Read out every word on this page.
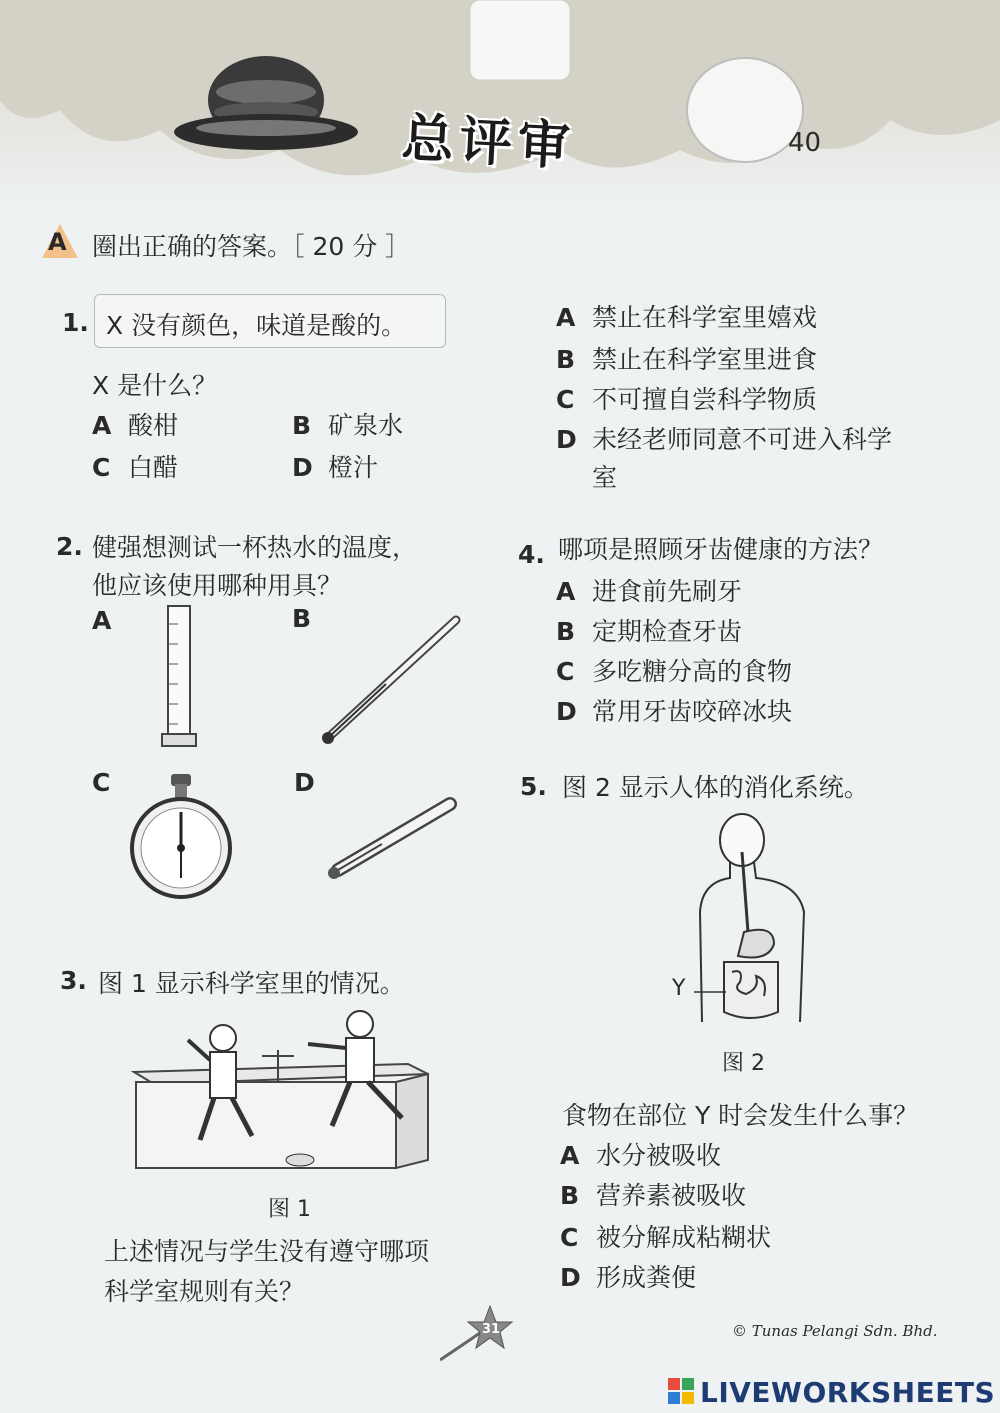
总评审	40
A 圈出正确的答案。［ 20 分 ］
1. X 没有颜色，味道是酸的。
X 是什么？
A 酸柑	B 矿泉水
C 白醋	D 橙汁
2. 健强想测试一杯热水的温度，
他应该使用哪种用具？
A	B
C	D
3. 图 1 显示科学室里的情况。
图 1
上述情况与学生没有遵守哪项
科学室规则有关？
A 禁止在科学室里嬉戏
B 禁止在科学室里进食
C 不可擅自尝科学物质
D 未经老师同意不可进入科学
室
4. 哪项是照顾牙齿健康的方法？
A 进食前先刷牙
B 定期检查牙齿
C 多吃糖分高的食物
D 常用牙齿咬碎冰块
5. 图 2 显示人体的消化系统。
Y
图 2
食物在部位 Y 时会发生什么事？
A 水分被吸收
B 营养素被吸收
C 被分解成粘糊状
D 形成粪便
31	© Tunas Pelangi Sdn. Bhd.
LIVEWORKSHEETS
